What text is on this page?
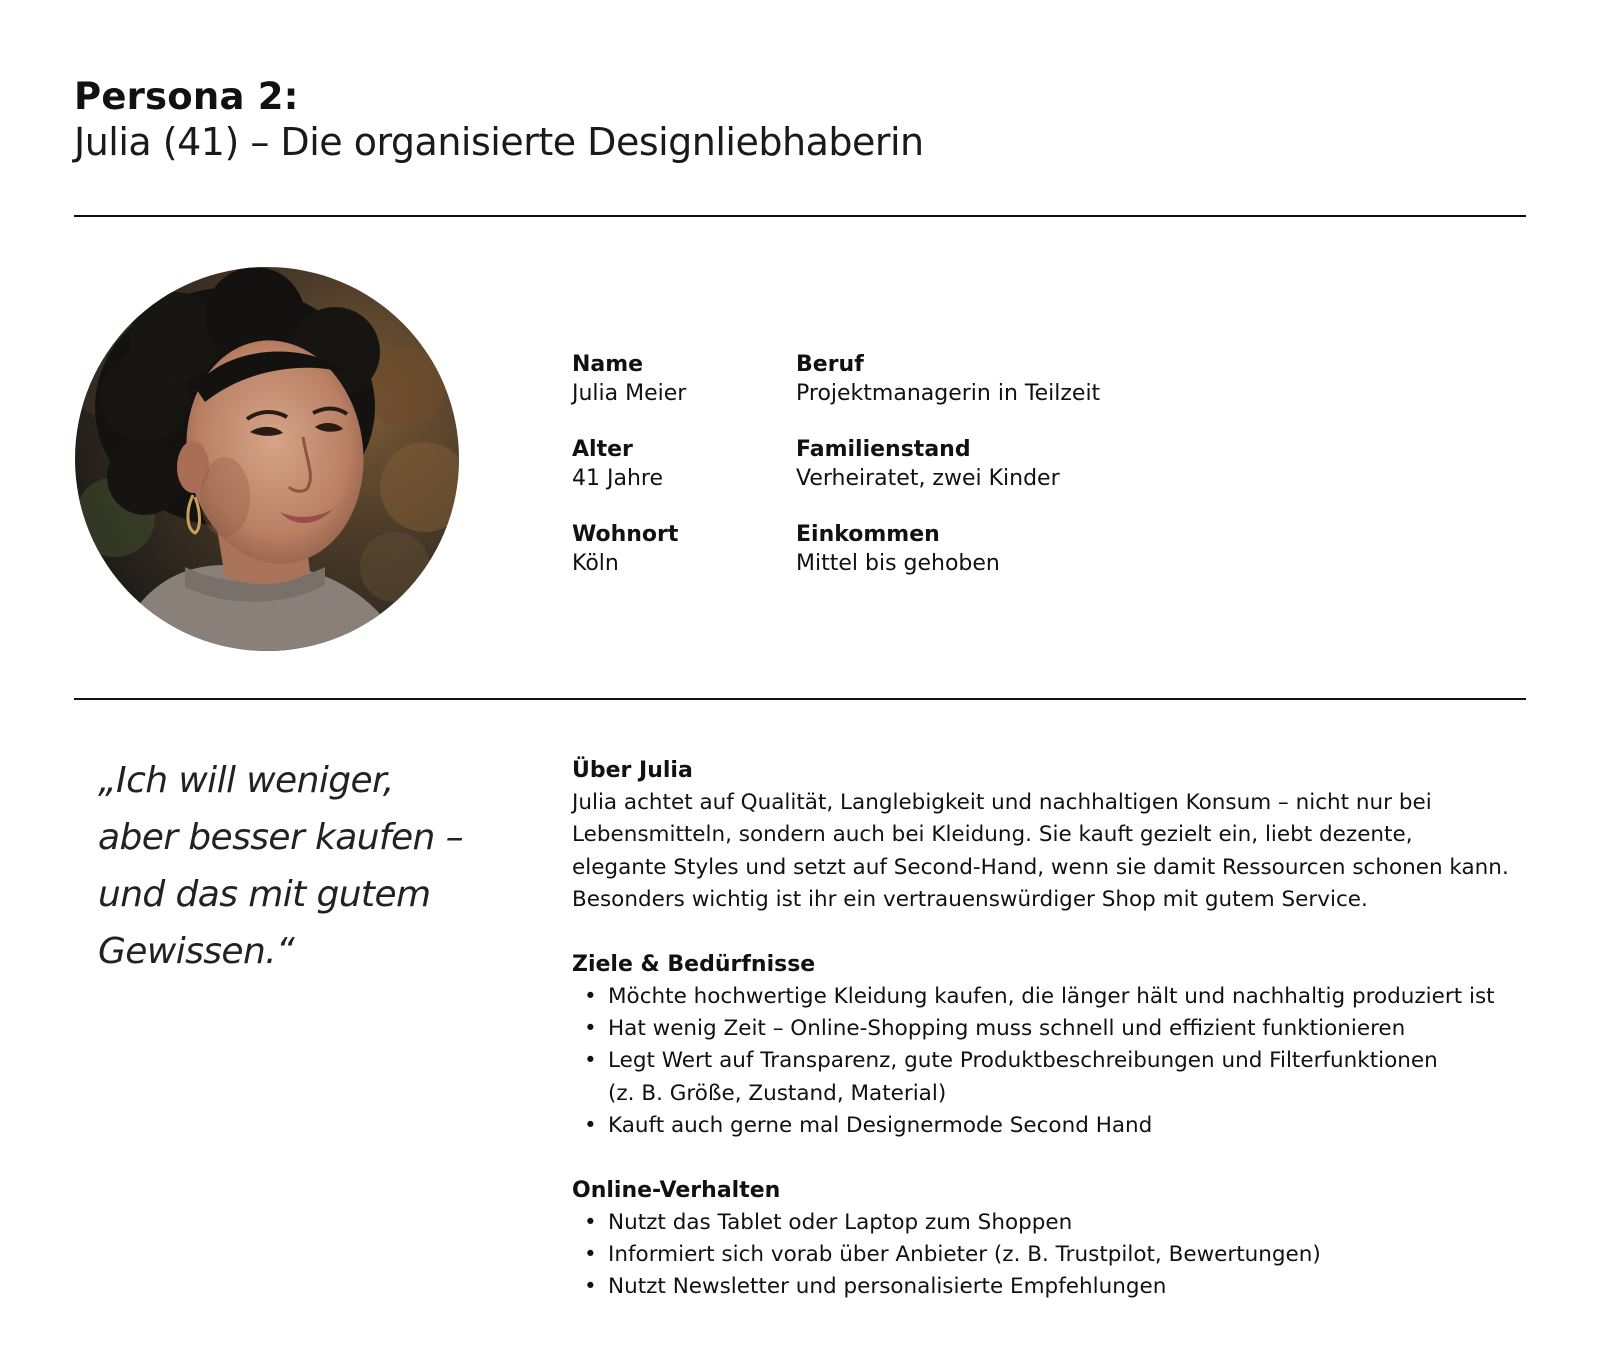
Persona 2:
Julia (41) – Die organisierte Designliebhaberin
Name
Julia Meier
Beruf
Projektmanagerin in Teilzeit
Alter
41 Jahre
Familienstand
Verheiratet, zwei Kinder
Wohnort
Köln
Einkommen
Mittel bis gehoben
„Ich will weniger,
aber besser kaufen –
und das mit gutem
Gewissen.“
Über Julia
Julia achtet auf Qualität, Langlebigkeit und nachhaltigen Konsum – nicht nur bei
Lebensmitteln, sondern auch bei Kleidung. Sie kauft gezielt ein, liebt dezente,
elegante Styles und setzt auf Second-Hand, wenn sie damit Ressourcen schonen kann.
Besonders wichtig ist ihr ein vertrauenswürdiger Shop mit gutem Service.
Ziele & Bedürfnisse
• Möchte hochwertige Kleidung kaufen, die länger hält und nachhaltig produziert ist
• Hat wenig Zeit – Online-Shopping muss schnell und effizient funktionieren
• Legt Wert auf Transparenz, gute Produktbeschreibungen und Filterfunktionen
(z. B. Größe, Zustand, Material)
• Kauft auch gerne mal Designermode Second Hand
Online-Verhalten
• Nutzt das Tablet oder Laptop zum Shoppen
• Informiert sich vorab über Anbieter (z. B. Trustpilot, Bewertungen)
• Nutzt Newsletter und personalisierte Empfehlungen
